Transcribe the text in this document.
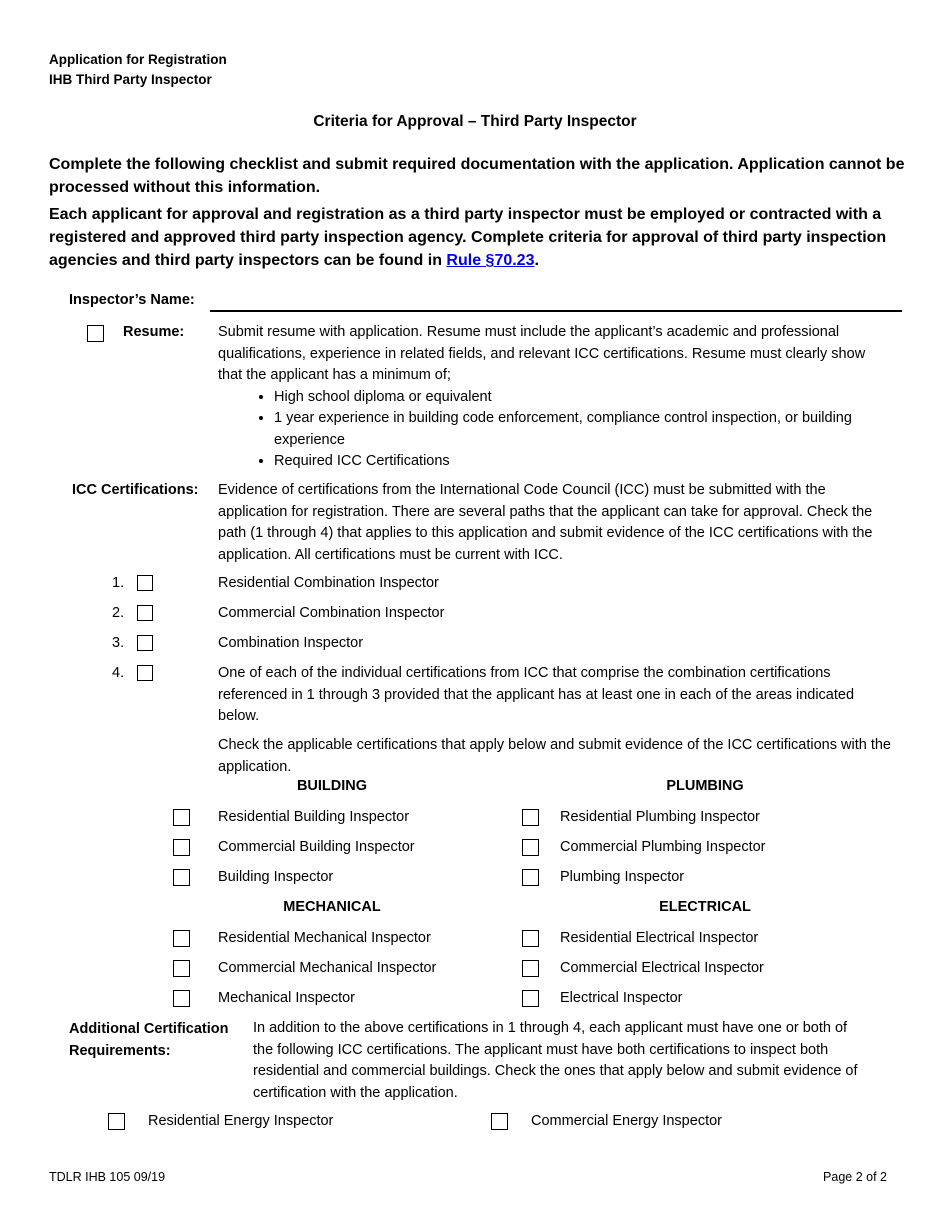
Application for Registration
IHB Third Party Inspector
Criteria for Approval – Third Party Inspector
Complete the following checklist and submit required documentation with the application. Application cannot be processed without this information.
Each applicant for approval and registration as a third party inspector must be employed or contracted with a registered and approved third party inspection agency. Complete criteria for approval of third party inspection agencies and third party inspectors can be found in Rule §70.23.
Inspector’s Name:
Resume: Submit resume with application. Resume must include the applicant’s academic and professional qualifications, experience in related fields, and relevant ICC certifications. Resume must clearly show that the applicant has a minimum of;
• High school diploma or equivalent
• 1 year experience in building code enforcement, compliance control inspection, or building experience
• Required ICC Certifications
ICC Certifications: Evidence of certifications from the International Code Council (ICC) must be submitted with the application for registration. There are several paths that the applicant can take for approval. Check the path (1 through 4) that applies to this application and submit evidence of the ICC certifications with the application. All certifications must be current with ICC.
1.	Residential Combination Inspector
2.	Commercial Combination Inspector
3.	Combination Inspector
4.	One of each of the individual certifications from ICC that comprise the combination certifications referenced in 1 through 3 provided that the applicant has at least one in each of the areas indicated below.
Check the applicable certifications that apply below and submit evidence of the ICC certifications with the application.
BUILDING	PLUMBING
Residential Building Inspector	Residential Plumbing Inspector
Commercial Building Inspector	Commercial Plumbing Inspector
Building Inspector	Plumbing Inspector
MECHANICAL	ELECTRICAL
Residential Mechanical Inspector	Residential Electrical Inspector
Commercial Mechanical Inspector	Commercial Electrical Inspector
Mechanical Inspector	Electrical Inspector
Additional Certification
Requirements:
In addition to the above certifications in 1 through 4, each applicant must have one or both of the following ICC certifications. The applicant must have both certifications to inspect both residential and commercial buildings. Check the ones that apply below and submit evidence of certification with the application.
Residential Energy Inspector	Commercial Energy Inspector
TDLR IHB 105 09/19	Page 2 of 2
